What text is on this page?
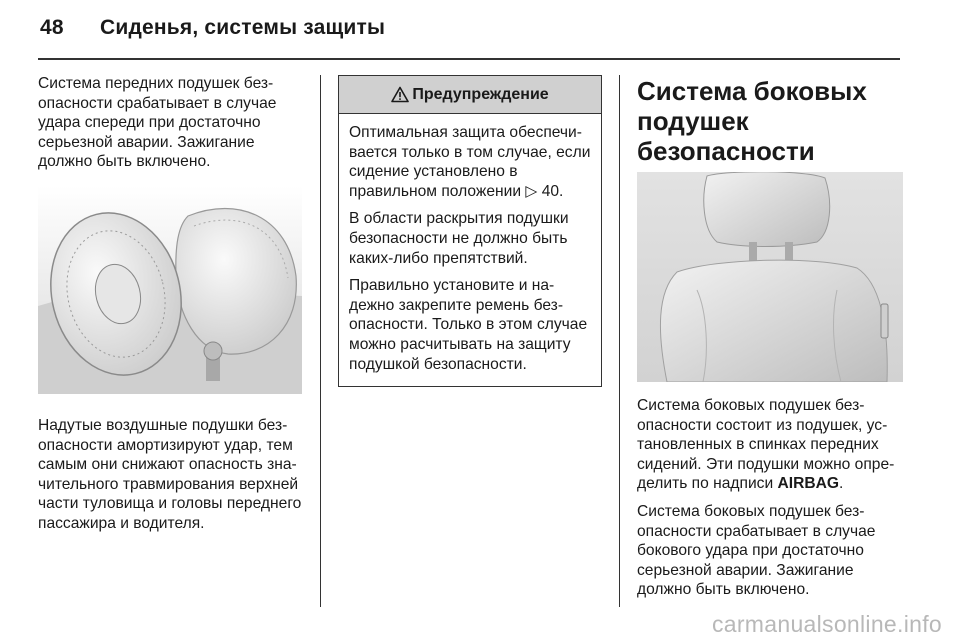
48 Сиденья, системы защиты

Система передних подушек безопасности срабатывает в случае удара спереди при достаточно серьезной аварии. Зажигание должно быть включено.

Надутые воздушные подушки безопасности амортизируют удар, тем самым они снижают опасность значительного травмирования верхней части туловища и головы переднего пассажира и водителя.

Предупреждение

Оптимальная защита обеспечивается только в том случае, если сидение установлено в правильном положении ▷ 40.

В области раскрытия подушки безопасности не должно быть каких-либо препятствий.

Правильно установите и надежно закрепите ремень безопасности. Только в этом случае можно расчитывать на защиту подушкой безопасности.

Система боковых подушек безопасности

Система боковых подушек безопасности состоит из подушек, установленных в спинках передних сидений. Эти подушки можно определить по надписи AIRBAG.

Система боковых подушек безопасности срабатывает в случае бокового удара при достаточно серьезной аварии. Зажигание должно быть включено.

carmanualsonline.info
